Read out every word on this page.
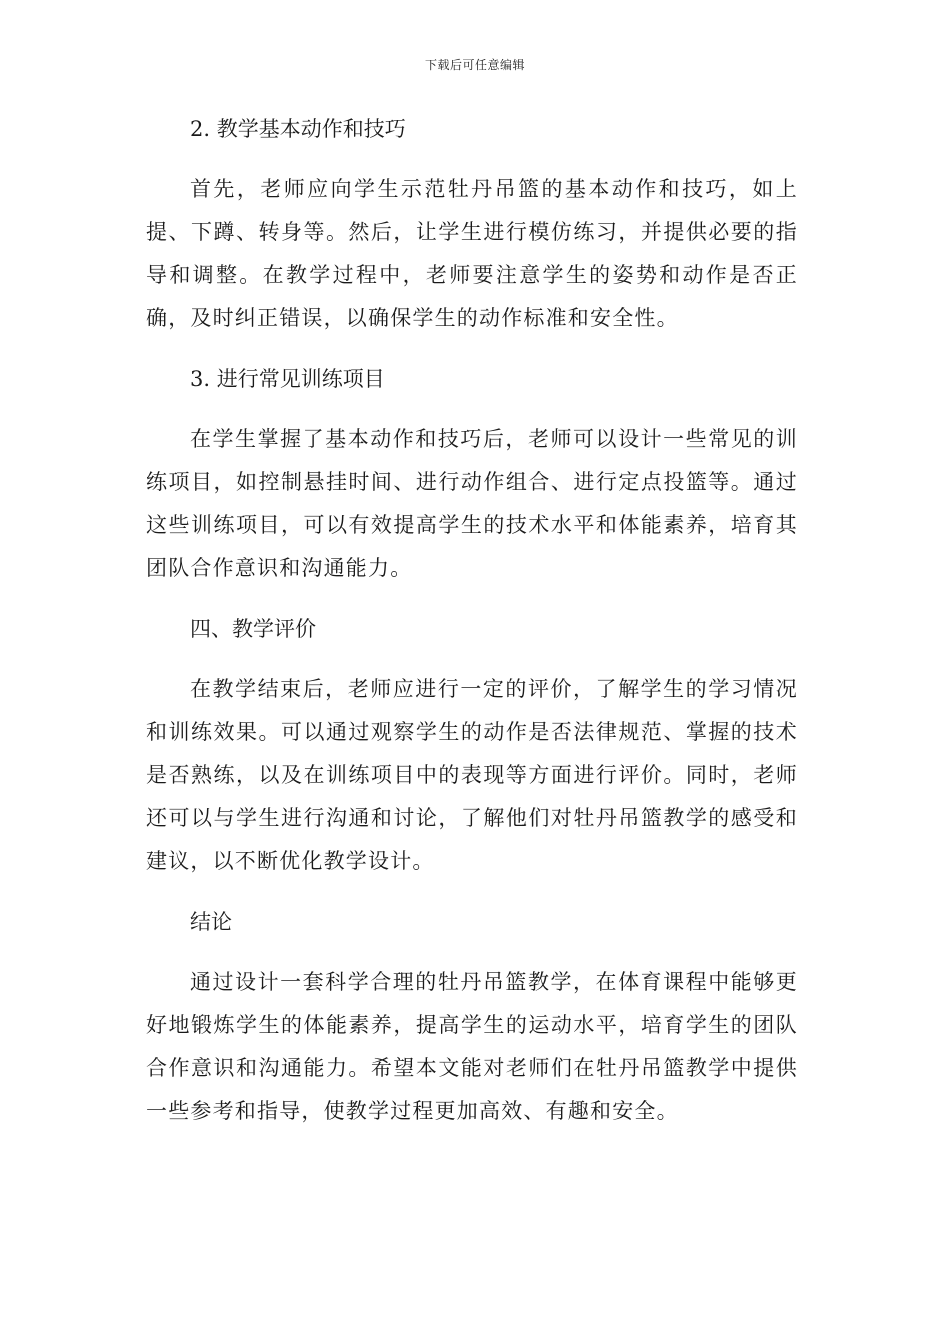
下载后可任意编辑
2. 教学基本动作和技巧

首先，老师应向学生示范牡丹吊篮的基本动作和技巧，如上提、下蹲、转身等。然后，让学生进行模仿练习，并提供必要的指导和调整。在教学过程中，老师要注意学生的姿势和动作是否正确，及时纠正错误，以确保学生的动作标准和安全性。

3. 进行常见训练项目

在学生掌握了基本动作和技巧后，老师可以设计一些常见的训练项目，如控制悬挂时间、进行动作组合、进行定点投篮等。通过这些训练项目，可以有效提高学生的技术水平和体能素养，培育其团队合作意识和沟通能力。

四、教学评价

在教学结束后，老师应进行一定的评价，了解学生的学习情况和训练效果。可以通过观察学生的动作是否法律规范、掌握的技术是否熟练，以及在训练项目中的表现等方面进行评价。同时，老师还可以与学生进行沟通和讨论，了解他们对牡丹吊篮教学的感受和建议，以不断优化教学设计。

结论

通过设计一套科学合理的牡丹吊篮教学，在体育课程中能够更好地锻炼学生的体能素养，提高学生的运动水平，培育学生的团队合作意识和沟通能力。希望本文能对老师们在牡丹吊篮教学中提供一些参考和指导，使教学过程更加高效、有趣和安全。
